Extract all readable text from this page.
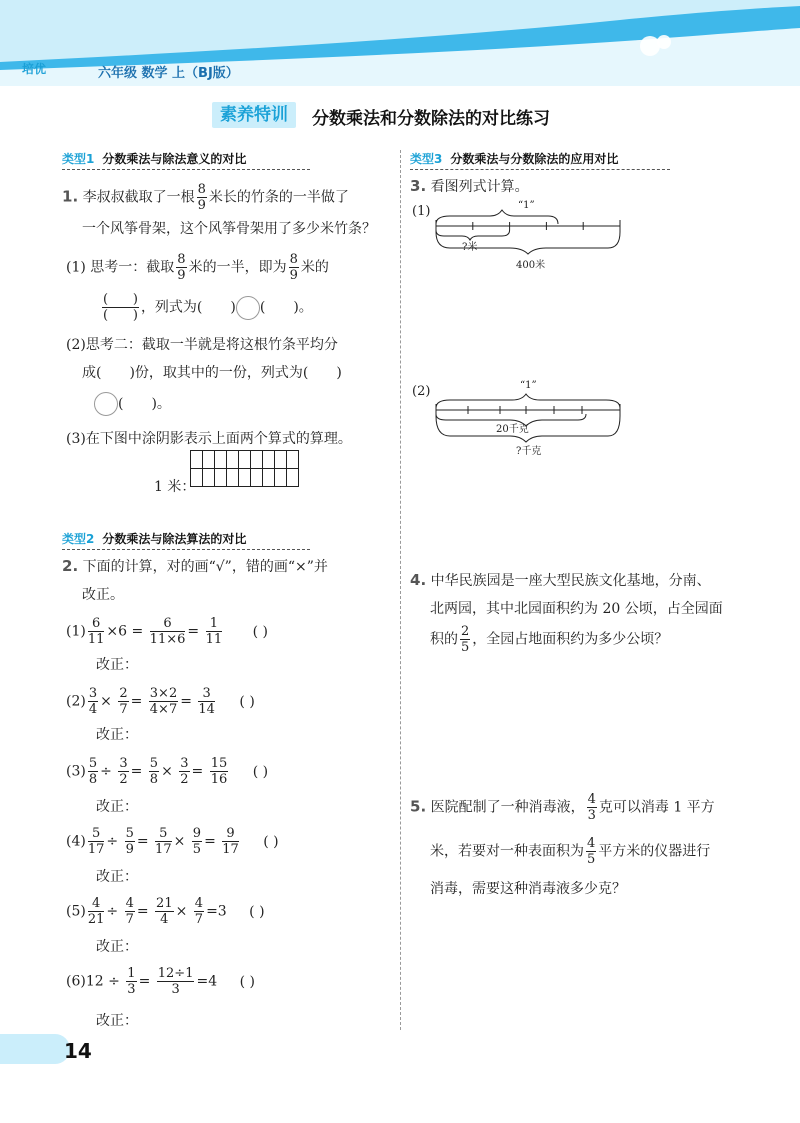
培优	六年级 数学 上（BJ版）
素养特训	分数乘法和分数除法的对比练习
类型1 分数乘法与除法意义的对比
1. 李叔叔截取了一根 $\frac{8}{9}$ 米长的竹条的一半做了
一个风筝骨架，这个风筝骨架用了多少米竹条？
(1) 思考一：截取 $\frac{8}{9}$ 米的一半，即为 $\frac{8}{9}$ 米的
$\frac{( )}{( )}$ ，列式为( ) ( )。
(2)思考二：截取一半就是将这根竹条平均分
成( )份，取其中的一份，列式为( )
( )。
(3)在下图中涂阴影表示上面两个算式的算理。
1 米：

类型2 分数乘法与除法算法的对比
2. 下面的计算，对的画“√”，错的画“×”并
改正。
$(1) \frac{6}{11} \times 6 = \frac{6}{11\times 6} = \frac{1}{11}$ ( )
改正：
$(2) \frac{3}{4} \times \frac{2}{7} = \frac{3\times 2}{4\times 7} = \frac{3}{14}$ ( )
改正：
$(3) \frac{5}{8} \div \frac{3}{2} = \frac{5}{8} \times \frac{3}{2} = \frac{15}{16}$ ( )
改正：
$(4) \frac{5}{17} \div \frac{5}{9} = \frac{5}{17} \times \frac{9}{5} = \frac{9}{17}$ ( )
改正：
$(5) \frac{4}{21} \div \frac{4}{7} = \frac{21}{4} \times \frac{4}{7} =3$ ( )
改正：
$(6)12 \div \frac{1}{3} = \frac{12\div 1}{3} =4$ ( )
改正：
类型3 分数乘法与分数除法的应用对比
3. 看图列式计算。
(1)	“1”
?米
400米
(2)	“1”
20千克
?千克
4. 中华民族园是一座大型民族文化基地，分南、
北两园，其中北园面积约为 20 公顷，占全园面
积的 $\frac{2}{5}$ ，全园占地面积约为多少公顷？
5. 医院配制了一种消毒液， $\frac{4}{3}$ 克可以消毒 1 平方
米，若要对一种表面积为 $\frac{4}{5}$ 平方米的仪器进行
消毒，需要这种消毒液多少克？
14
